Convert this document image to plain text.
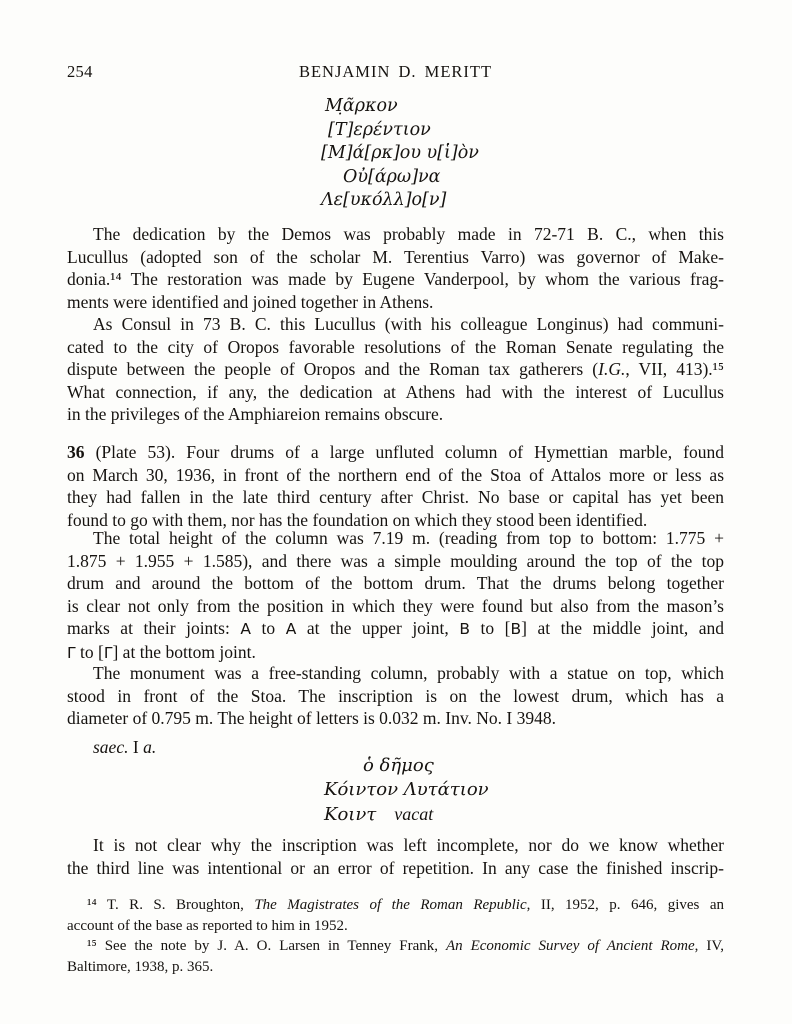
254	BENJAMIN D. MERITT
Μ̣ᾶρκον
[Τ]ερέντιον
[Μ]ά[ρκ]ου υ[ἱ]ὸν
Οὐ[άρω]να
Λε[υκόλλ]ο[ν]
The dedication by the Demos was probably made in 72-71 B. C., when this
Lucullus (adopted son of the scholar M. Terentius Varro) was governor of Make-
donia.¹⁴ The restoration was made by Eugene Vanderpool, by whom the various frag-
ments were identified and joined together in Athens.
As Consul in 73 B. C. this Lucullus (with his colleague Longinus) had communi-
cated to the city of Oropos favorable resolutions of the Roman Senate regulating the
dispute between the people of Oropos and the Roman tax gatherers (I.G., VII, 413).¹⁵
What connection, if any, the dedication at Athens had with the interest of Lucullus
in the privileges of the Amphiareion remains obscure.
36 (Plate 53). Four drums of a large unfluted column of Hymettian marble, found
on March 30, 1936, in front of the northern end of the Stoa of Attalos more or less as
they had fallen in the late third century after Christ. No base or capital has yet been
found to go with them, nor has the foundation on which they stood been identified.
The total height of the column was 7.19 m. (reading from top to bottom: 1.775 +
1.875 + 1.955 + 1.585), and there was a simple moulding around the top of the top
drum and around the bottom of the bottom drum. That the drums belong together
is clear not only from the position in which they were found but also from the mason’s
marks at their joints: Α to Α at the upper joint, Β to [Β] at the middle joint, and
Γ to [Γ] at the bottom joint.
The monument was a free-standing column, probably with a statue on top, which
stood in front of the Stoa. The inscription is on the lowest drum, which has a
diameter of 0.795 m. The height of letters is 0.032 m. Inv. No. I 3948.
saec. I a.
ὁ δῆμος
Κόιντον Λυτάτιον
Κοιντ vacat
It is not clear why the inscription was left incomplete, nor do we know whether
the third line was intentional or an error of repetition. In any case the finished inscrip-
¹⁴ T. R. S. Broughton, The Magistrates of the Roman Republic, II, 1952, p. 646, gives an
account of the base as reported to him in 1952.
¹⁵ See the note by J. A. O. Larsen in Tenney Frank, An Economic Survey of Ancient Rome, IV,
Baltimore, 1938, p. 365.
